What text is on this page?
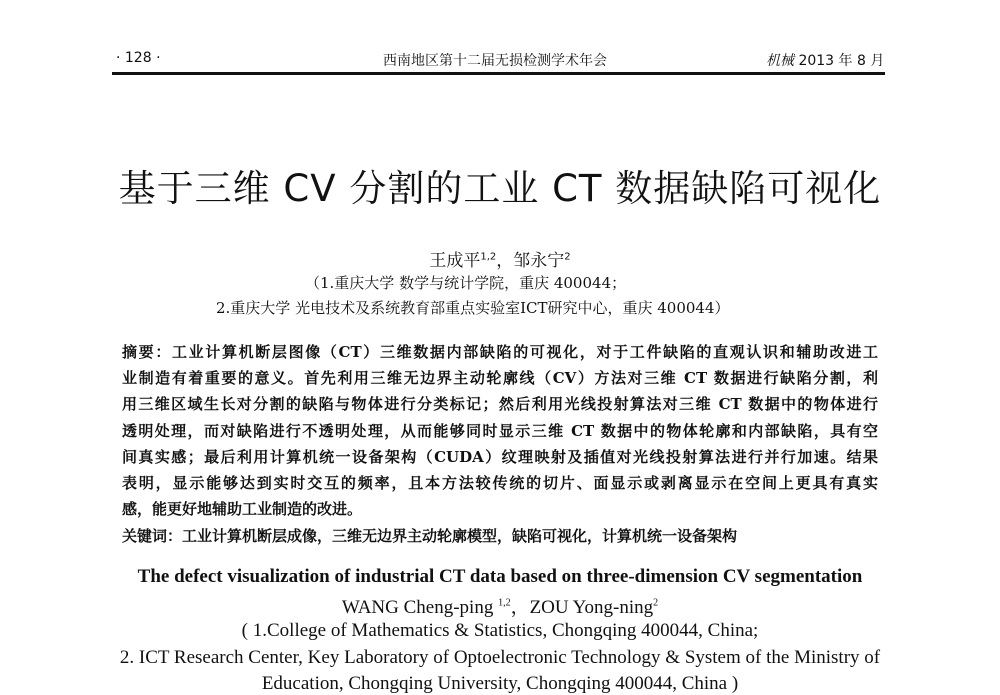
· 128 ·	西南地区第十二届无损检测学术年会	机械 2013 年 8 月
基于三维 CV 分割的工业 CT 数据缺陷可视化
王成平$^{1,2}$，邹永宁$^2$
（1.重庆大学 数学与统计学院，重庆 400044；
2.重庆大学 光电技术及系统教育部重点实验室ICT研究中心，重庆 400044）
摘要：工业计算机断层图像（CT）三维数据内部缺陷的可视化，对于工件缺陷的直观认识和辅助改进工
业制造有着重要的意义。首先利用三维无边界主动轮廓线（CV）方法对三维 CT 数据进行缺陷分割，利
用三维区域生长对分割的缺陷与物体进行分类标记；然后利用光线投射算法对三维 CT 数据中的物体进行
透明处理，而对缺陷进行不透明处理，从而能够同时显示三维 CT 数据中的物体轮廓和内部缺陷，具有空
间真实感；最后利用计算机统一设备架构（CUDA）纹理映射及插值对光线投射算法进行并行加速。结果
表明，显示能够达到实时交互的频率，且本方法较传统的切片、面显示或剥离显示在空间上更具有真实
感，能更好地辅助工业制造的改进。
关键词：工业计算机断层成像，三维无边界主动轮廓模型，缺陷可视化，计算机统一设备架构
The defect visualization of industrial CT data based on three-dimension CV segmentation
WANG Cheng-ping $^{1,2}$，ZOU Yong-ning$^2$
( 1.College of Mathematics & Statistics, Chongqing 400044, China;
2. ICT Research Center, Key Laboratory of Optoelectronic Technology & System of the Ministry of
Education, Chongqing University, Chongqing 400044, China )
